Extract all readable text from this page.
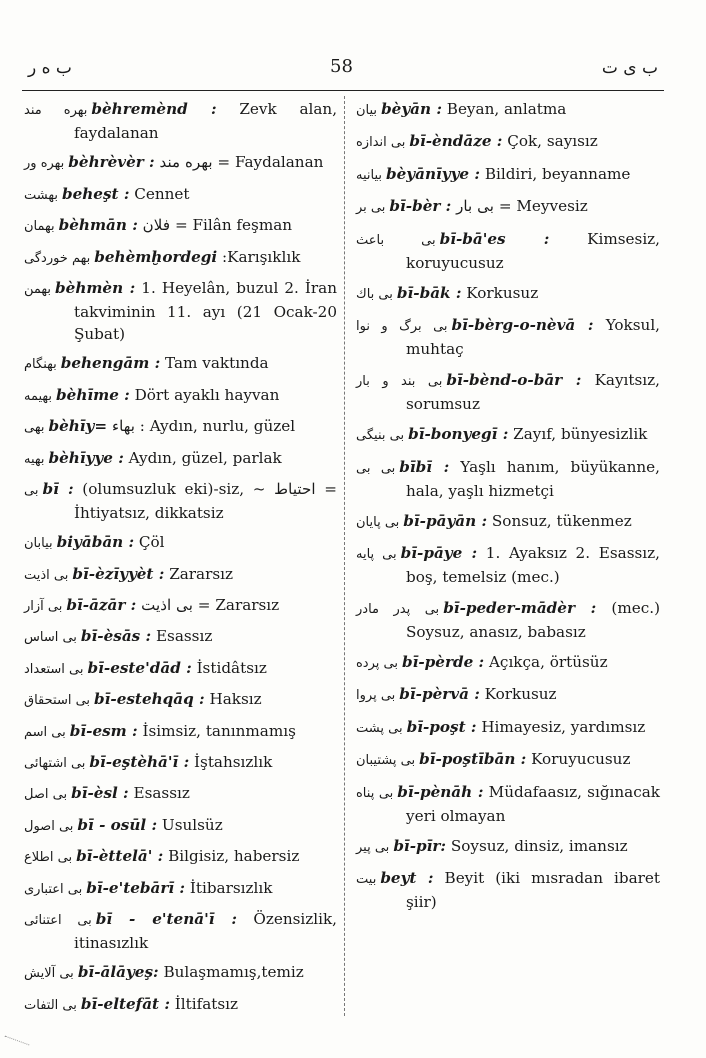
ب ه ر	58	ب ى ت

بهره مند bèhremènd : Zevk alan, faydalanan

بهره ور bèhrèvèr : بهره مند = Faydalanan

بهشت beheşt : Cennet

بهمان bèhmān : فلان = Filân feşman

بهم خوردگی behèmḫordegi :Karışıklık

بهمن bèhmèn : 1. Heyelân, buzul 2. İran takviminin 11. ayı (21 Ocak-20 Şubat)

بهنگام behengām : Tam vaktında

بهيمه bèhīme : Dört ayaklı hayvan

بهى bèhīy= بهاء : Aydın, nurlu, güzel

بهيه bèhīyye : Aydın, güzel, parlak

بى bī : (olumsuzluk eki)-siz, ~ احتياط = İhtiyatsız, dikkatsiz

بيابان biyābān : Çöl

بى اذيت bī-èzīyyèt : Zararsız

بى آزار bī-āzār : بى اذيت = Zararsız

بى اساس bī-èsās : Esassız

بى استعداد bī-este'dād : İstidâtsız

بى استحقاق bī-estehqāq : Haksız

بى اسم bī-esm : İsimsiz, tanınmamış

بى اشتهائى bī-eştèhā'ī : İştahsızlık

بى اصل bī-èsl : Esassız

بى اصول bī - osūl : Usulsüz

بى اطلاع bī-èttelā' : Bilgisiz, habersiz

بى اعتبارى bī-e'tebārī : İtibarsızlık

بى اعتنائى bī - e'tenā'ī : Özensizlik, itinasızlık

بى آلايش bī-ālāyeş: Bulaşmamış,temiz

بى التفات bī-eltefāt : İltifatsız

بيان bèyān : Beyan, anlatma

بى اندازه bī-èndāze : Çok, sayısız

بيانيه bèyānīyye : Bildiri, beyanname

بى بر bī-bèr : بى بار = Meyvesiz

بى باعث bī-bā'es : Kimsesiz, koruyucusuz

بى باك bī-bāk : Korkusuz

بى برگ و نوا bī-bèrg-o-nèvā : Yoksul, muhtaç

بى بند و بار bī-bènd-o-bār : Kayıtsız, sorumsuz

بى بنيگى bī-bonyegī : Zayıf, bünyesizlik

بى بى bībī : Yaşlı hanım, büyükanne, hala, yaşlı hizmetçi

بى پايان bī-pāyān : Sonsuz, tükenmez

بى پايه bī-pāye : 1. Ayaksız 2. Esassız, boş, temelsiz (mec.)

بى پدر مادر bī-peder-mādèr : (mec.) Soysuz, anasız, babasız

بى پرده bī-pèrde : Açıkça, örtüsüz

بى پروا bī-pèrvā : Korkusuz

بى پشت bī-poşt : Himayesiz, yardımsız

بى پشتيبان bī-poştībān : Koruyucusuz

بى پناه bī-pènāh : Müdafaasız, sığınacak yeri olmayan

بى پير bī-pīr: Soysuz, dinsiz, imansız

بيت beyt : Beyit (iki mısradan ibaret şiir)
